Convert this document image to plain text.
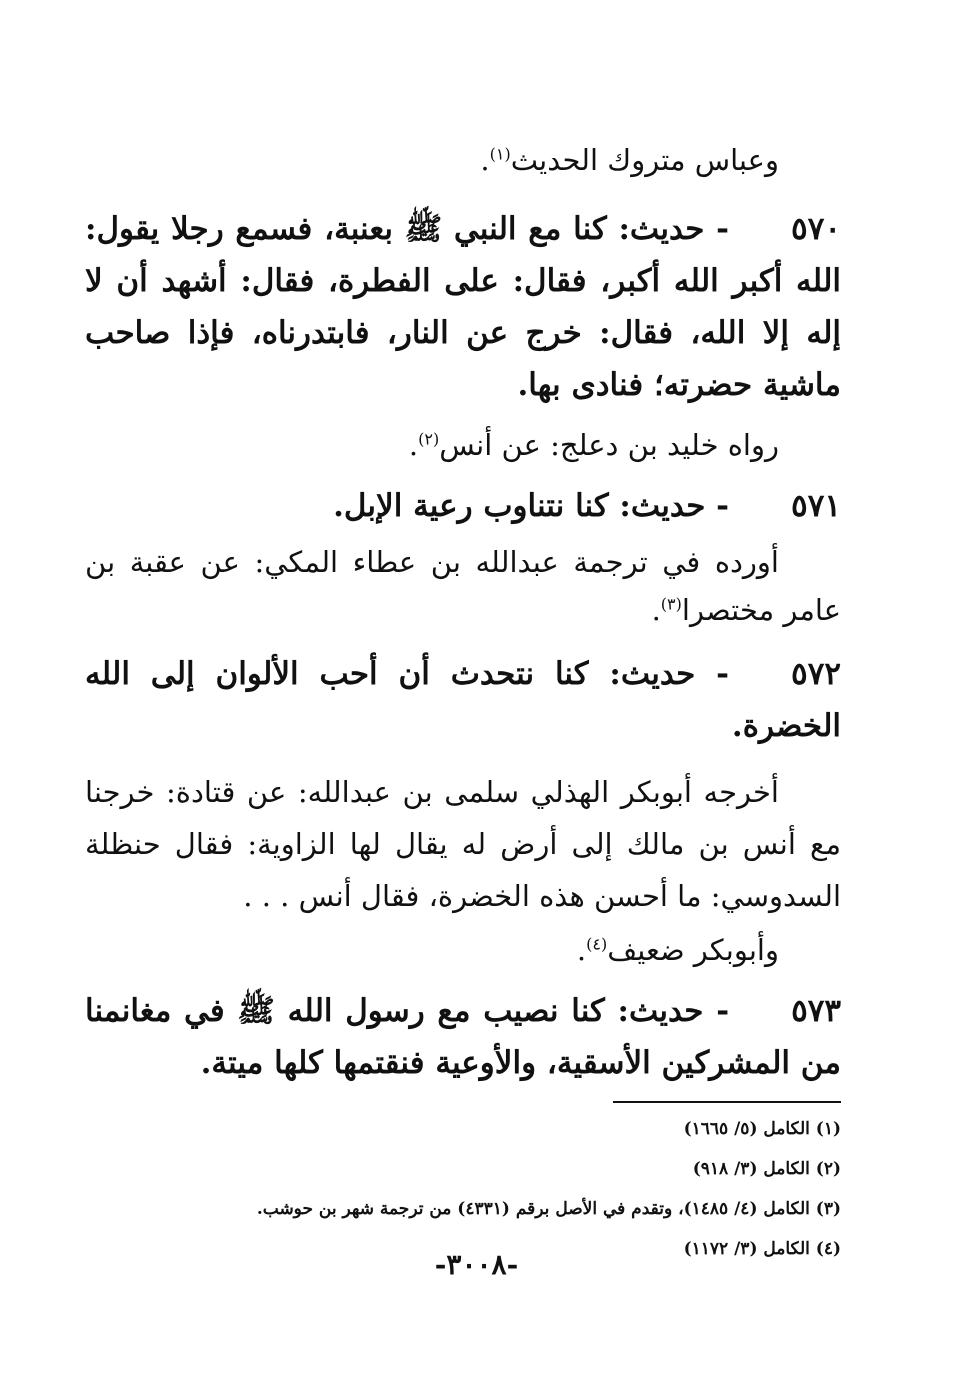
وعباس متروك الحديث$^{(١)}$.

٥٧٠- حديث: كنا مع النبي ﷺ بعنبة، فسمع رجلا يقول: الله أكبر الله أكبر، فقال: على الفطرة، فقال: أشهد أن لا إله إلا الله، فقال: خرج عن النار، فابتدرناه، فإذا صاحب ماشية حضرته؛ فنادى بها.

رواه خليد بن دعلج: عن أنس$^{(٢)}$.

٥٧١- حديث: كنا نتناوب رعية الإبل.

أورده في ترجمة عبدالله بن عطاء المكي: عن عقبة بن عامر مختصرا$^{(٣)}$.

٥٧٢- حديث: كنا نتحدث أن أحب الألوان إلى الله الخضرة.

أخرجه أبوبكر الهذلي سلمى بن عبدالله: عن قتادة: خرجنا مع أنس بن مالك إلى أرض له يقال لها الزاوية: فقال حنظلة السدوسي: ما أحسن هذه الخضرة، فقال أنس . . .

وأبوبكر ضعيف$^{(٤)}$.

٥٧٣- حديث: كنا نصيب مع رسول الله ﷺ في مغانمنا من المشركين الأسقية، والأوعية فنقتمها كلها ميتة.

(١) الكامل (٥/ ١٦٦٥)

(٢) الكامل (٣/ ٩١٨)

(٣) الكامل (٤/ ١٤٨٥)، وتقدم في الأصل برقم (٤٣٣١) من ترجمة شهر بن حوشب.

(٤) الكامل (٣/ ١١٧٢)

-٣٠٠٨-
